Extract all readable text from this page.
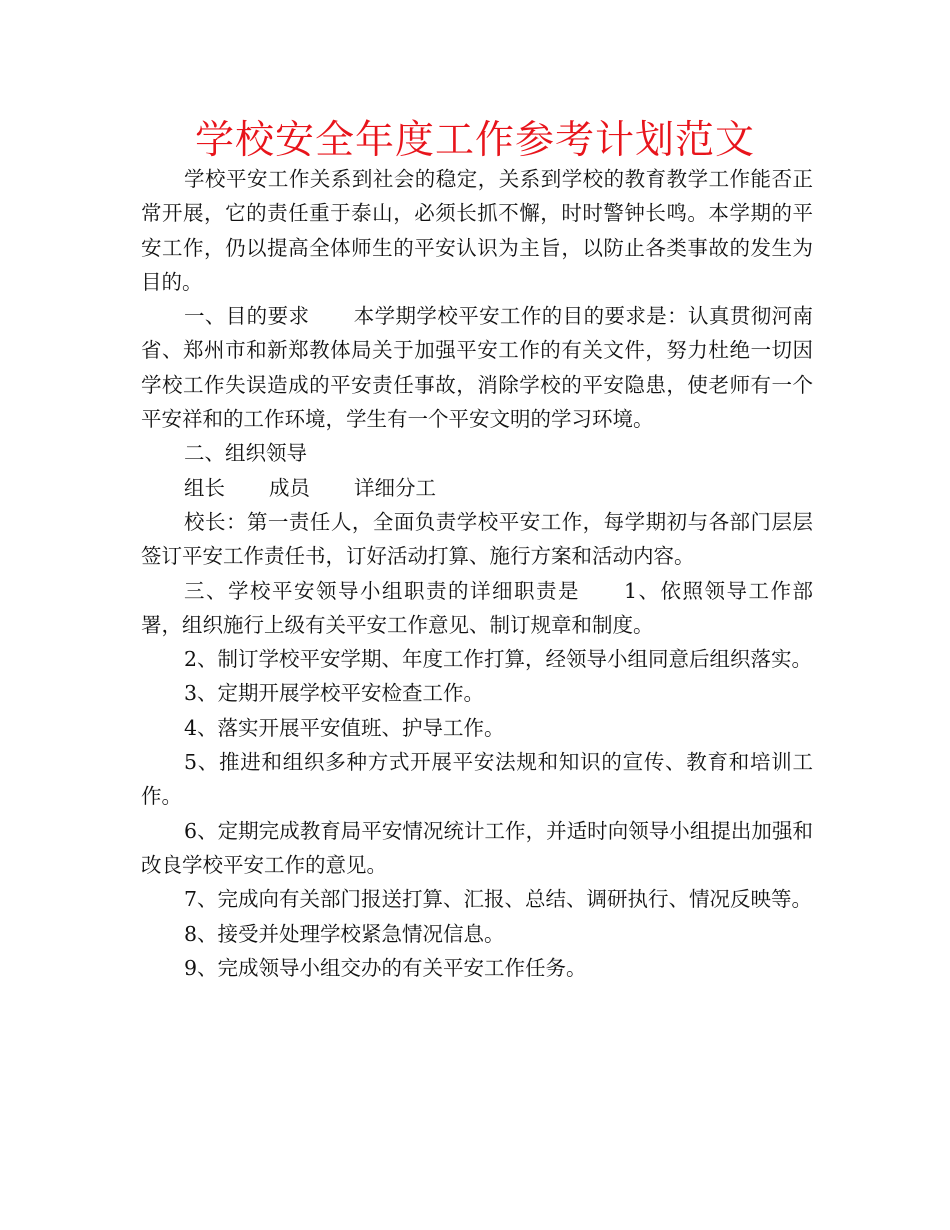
学校安全年度工作参考计划范文

学校平安工作关系到社会的稳定，关系到学校的教育教学工作能否正常开展，它的责任重于泰山，必须长抓不懈，时时警钟长鸣。本学期的平安工作，仍以提高全体师生的平安认识为主旨，以防止各类事故的发生为目的。

一、目的要求 本学期学校平安工作的目的要求是：认真贯彻河南省、郑州市和新郑教体局关于加强平安工作的有关文件，努力杜绝一切因学校工作失误造成的平安责任事故，消除学校的平安隐患，使老师有一个平安祥和的工作环境，学生有一个平安文明的学习环境。

二、组织领导

组长 成员 详细分工

校长：第一责任人，全面负责学校平安工作，每学期初与各部门层层签订平安工作责任书，订好活动打算、施行方案和活动内容。

三、学校平安领导小组职责的详细职责是 1、依照领导工作部署，组织施行上级有关平安工作意见、制订规章和制度。

2、制订学校平安学期、年度工作打算，经领导小组同意后组织落实。

3、定期开展学校平安检查工作。

4、落实开展平安值班、护导工作。

5、推进和组织多种方式开展平安法规和知识的宣传、教育和培训工作。

6、定期完成教育局平安情况统计工作，并适时向领导小组提出加强和改良学校平安工作的意见。

7、完成向有关部门报送打算、汇报、总结、调研执行、情况反映等。

8、接受并处理学校紧急情况信息。

9、完成领导小组交办的有关平安工作任务。
